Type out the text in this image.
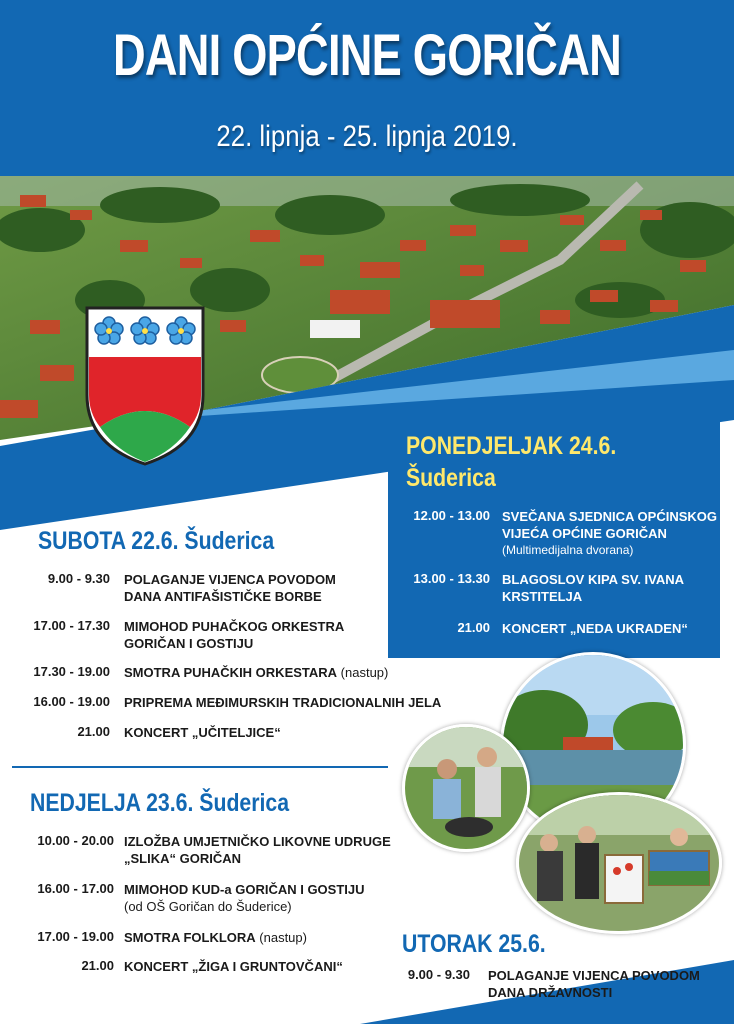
DANI OPĆINE GORIČAN
22. lipnja - 25. lipnja 2019.
PONEDJELJAK 24.6.
Šuderica
12.00 - 13.00 SVEČANA SJEDNICA OPĆINSKOG
VIJEĆA OPĆINE GORIČAN
(Multimedijalna dvorana)
13.00 - 13.30 BLAGOSLOV KIPA SV. IVANA
KRSTITELJA
21.00 KONCERT „NEDA UKRADEN“
SUBOTA 22.6. Šuderica
9.00 - 9.30 POLAGANJE VIJENCA POVODOM
DANA ANTIFAŠISTIČKE BORBE
17.00 - 17.30 MIMOHOD PUHAČKOG ORKESTRA
GORIČAN I GOSTIJU
17.30 - 19.00 SMOTRA PUHAČKIH ORKESTARA (nastup)
16.00 - 19.00 PRIPREMA MEĐIMURSKIH TRADICIONALNIH JELA
21.00 KONCERT „UČITELJICE“
NEDJELJA 23.6. Šuderica
10.00 - 20.00 IZLOŽBA UMJETNIČKO LIKOVNE UDRUGE
„SLIKA“ GORIČAN
16.00 - 17.00 MIMOHOD KUD-a GORIČAN I GOSTIJU
(od OŠ Goričan do Šuderice)
17.00 - 19.00 SMOTRA FOLKLORA (nastup)
21.00 KONCERT „ŽIGA I GRUNTOVČANI“
UTORAK 25.6.
9.00 - 9.30 POLAGANJE VIJENCA POVODOM
DANA DRŽAVNOSTI
